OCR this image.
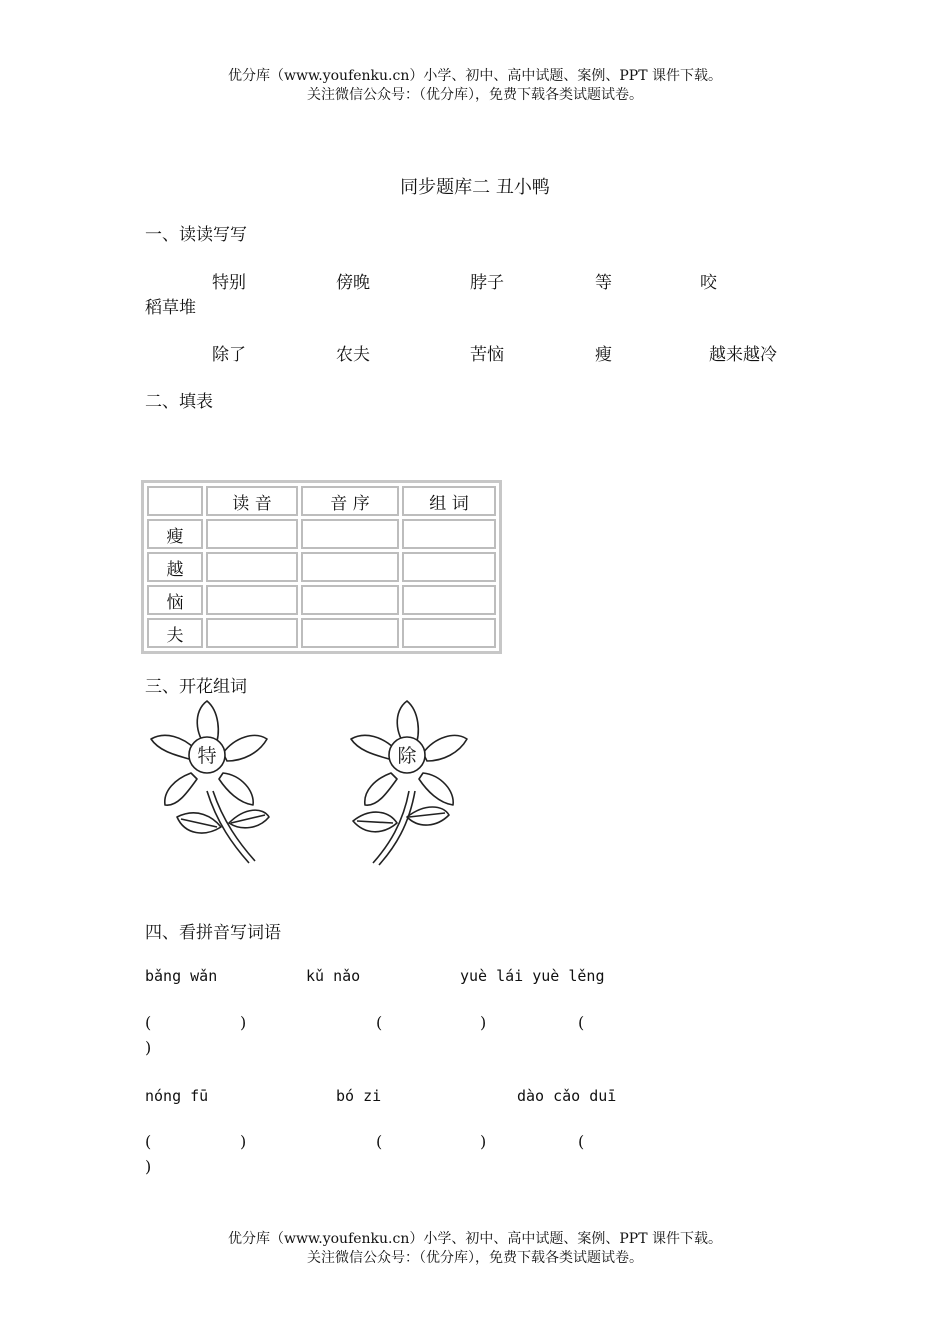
优分库（www.youfenku.cn）小学、初中、高中试题、案例、PPT 课件下载。
关注微信公众号：（优分库），免费下载各类试题试卷。
同步题库二 丑小鸭
一、读读写写
特别	傍晚	脖子	等	咬
稻草堆
除了	农夫	苦恼	瘦	越来越冷
二、填表
	读 音	音 序	组 词
瘦			
越			
恼			
夫			
三、开花组词
特	除
四、看拼音写词语
bǎng wǎn	kǔ nǎo	yuè lái yuè lěng
(	)	(	)	(
)
nóng fū	bó zi	dào cǎo duī
(	)	(	)	(
)
优分库（www.youfenku.cn）小学、初中、高中试题、案例、PPT 课件下载。
关注微信公众号：（优分库），免费下载各类试题试卷。
